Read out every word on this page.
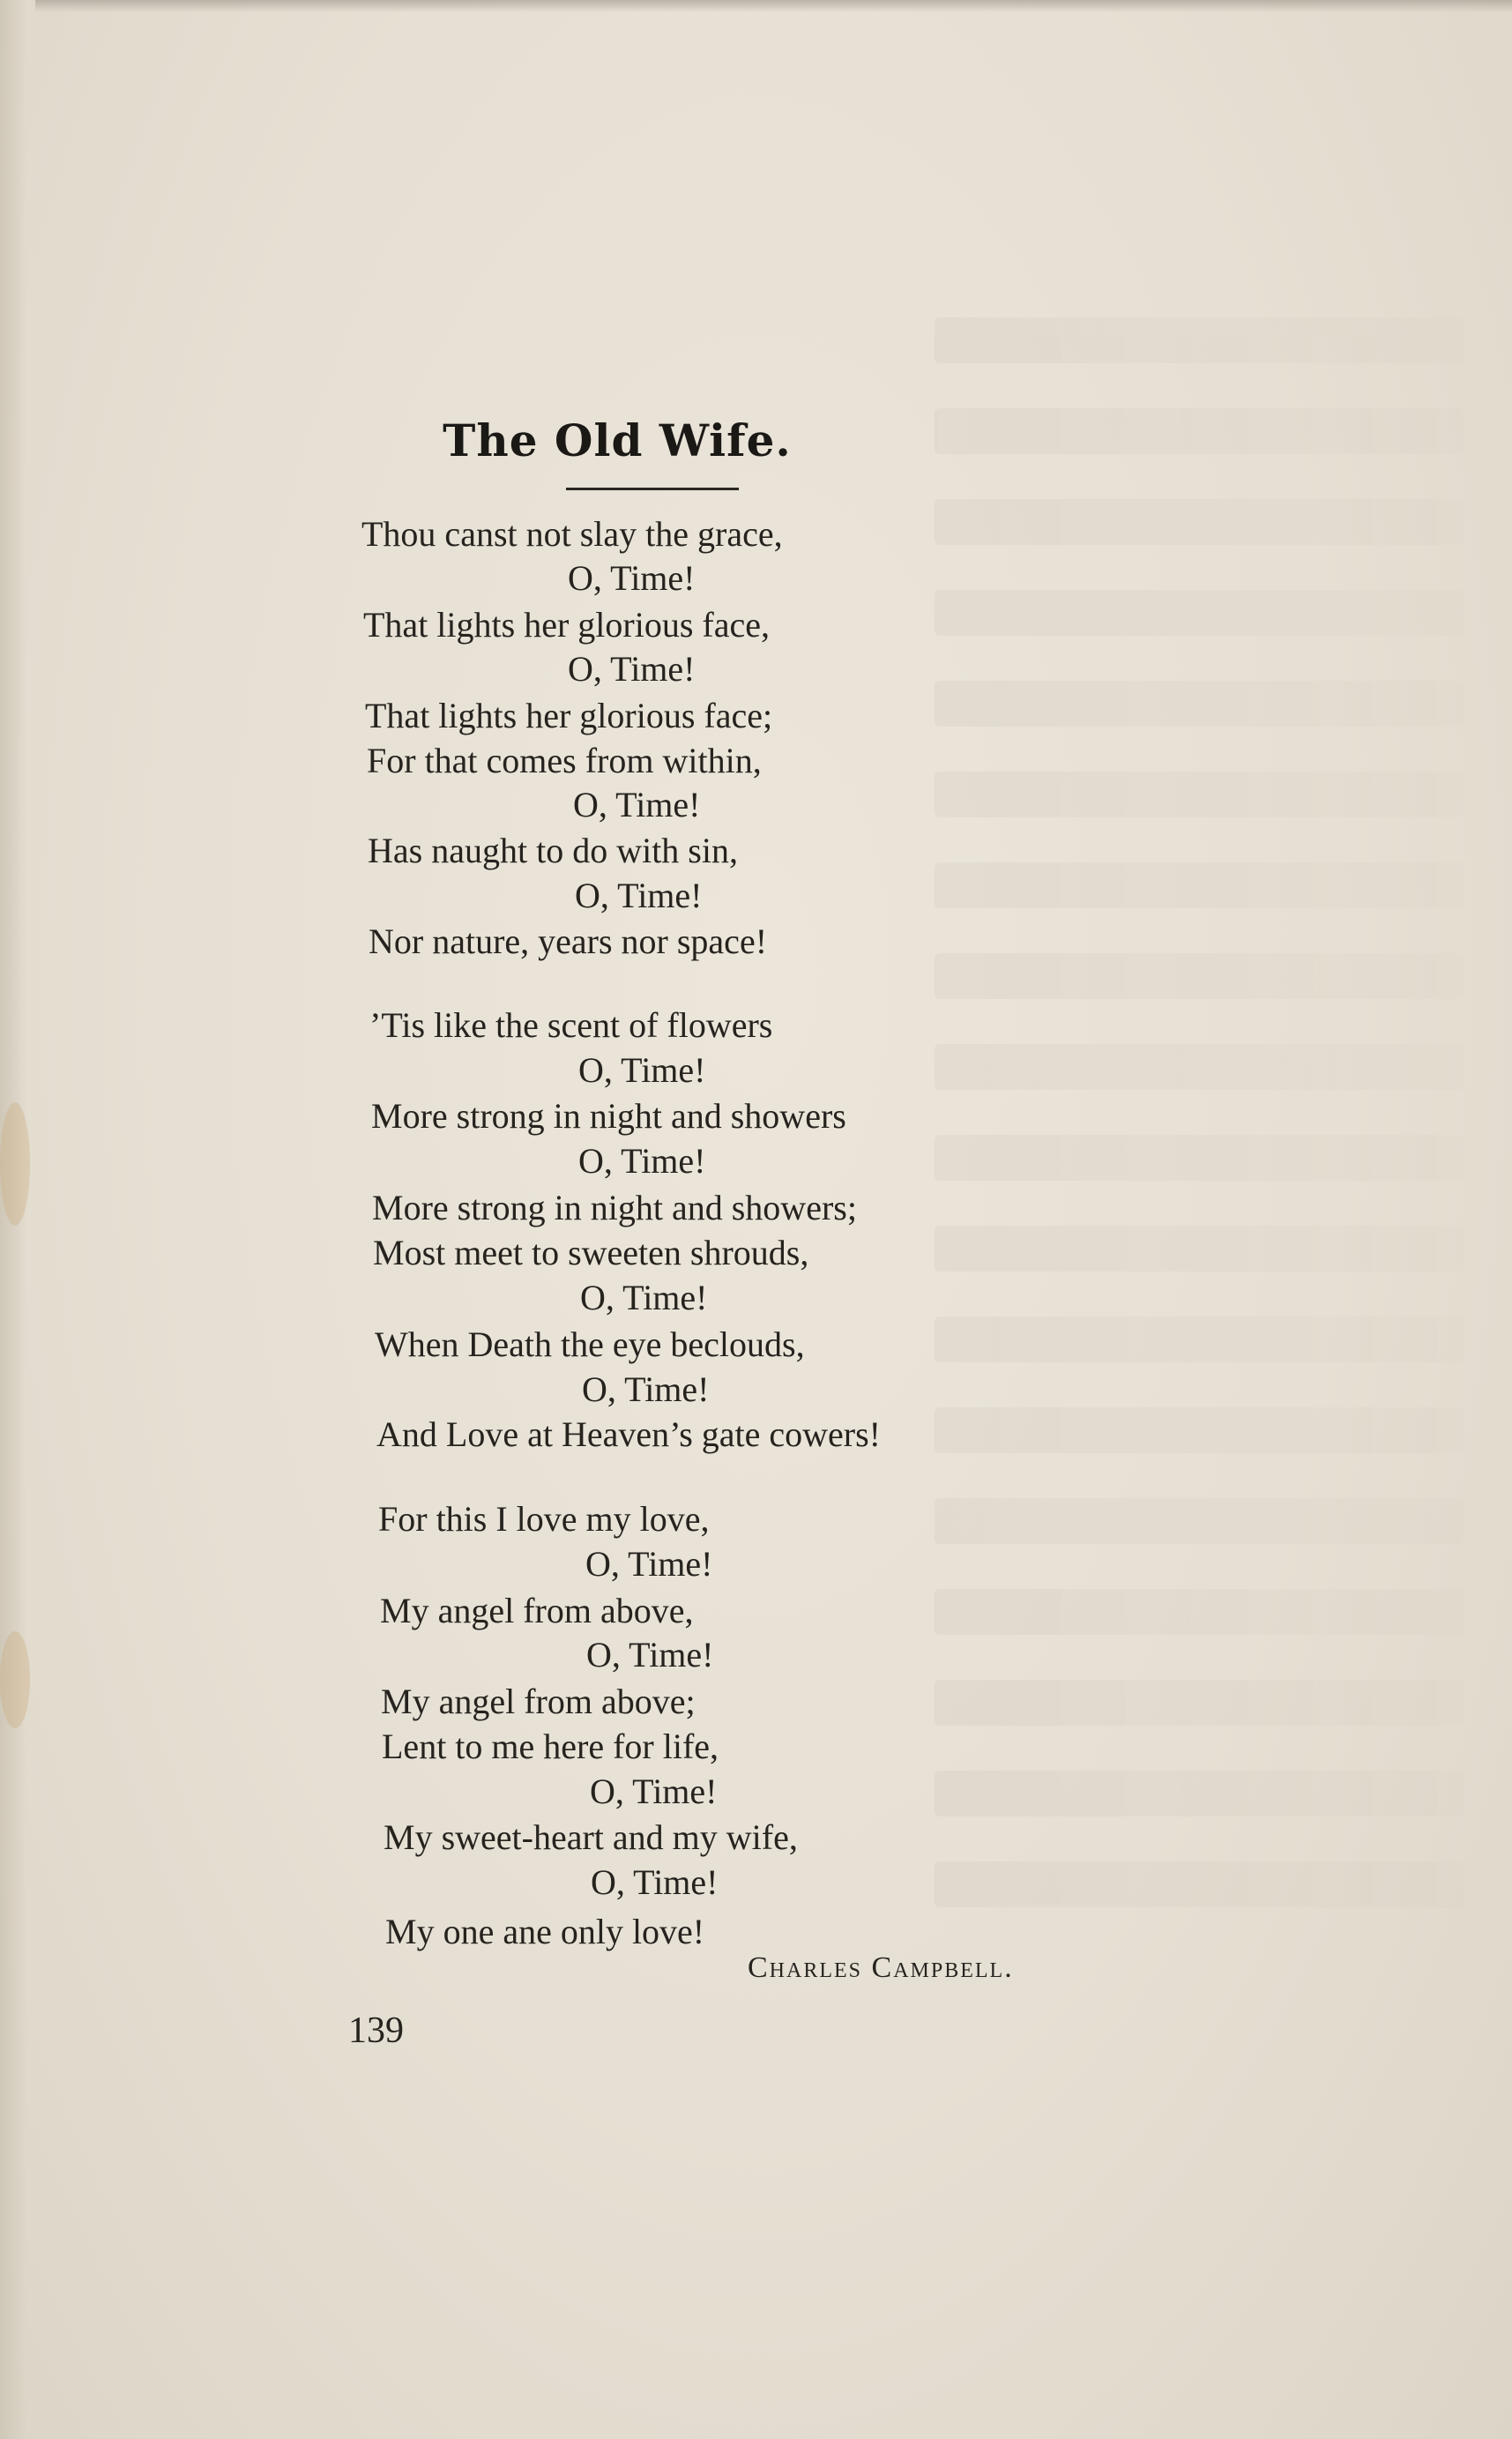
The Old Wife.
Thou canst not slay the grace,
O, Time!
That lights her glorious face,
O, Time!
That lights her glorious face;
For that comes from within,
O, Time!
Has naught to do with sin,
O, Time!
Nor nature, years nor space!
’Tis like the scent of flowers
O, Time!
More strong in night and showers
O, Time!
More strong in night and showers;
Most meet to sweeten shrouds,
O, Time!
When Death the eye beclouds,
O, Time!
And Love at Heaven’s gate cowers!
For this I love my love,
O, Time!
My angel from above,
O, Time!
My angel from above;
Lent to me here for life,
O, Time!
My sweet-heart and my wife,
O, Time!
My one ane only love!
Charles Campbell.
139
